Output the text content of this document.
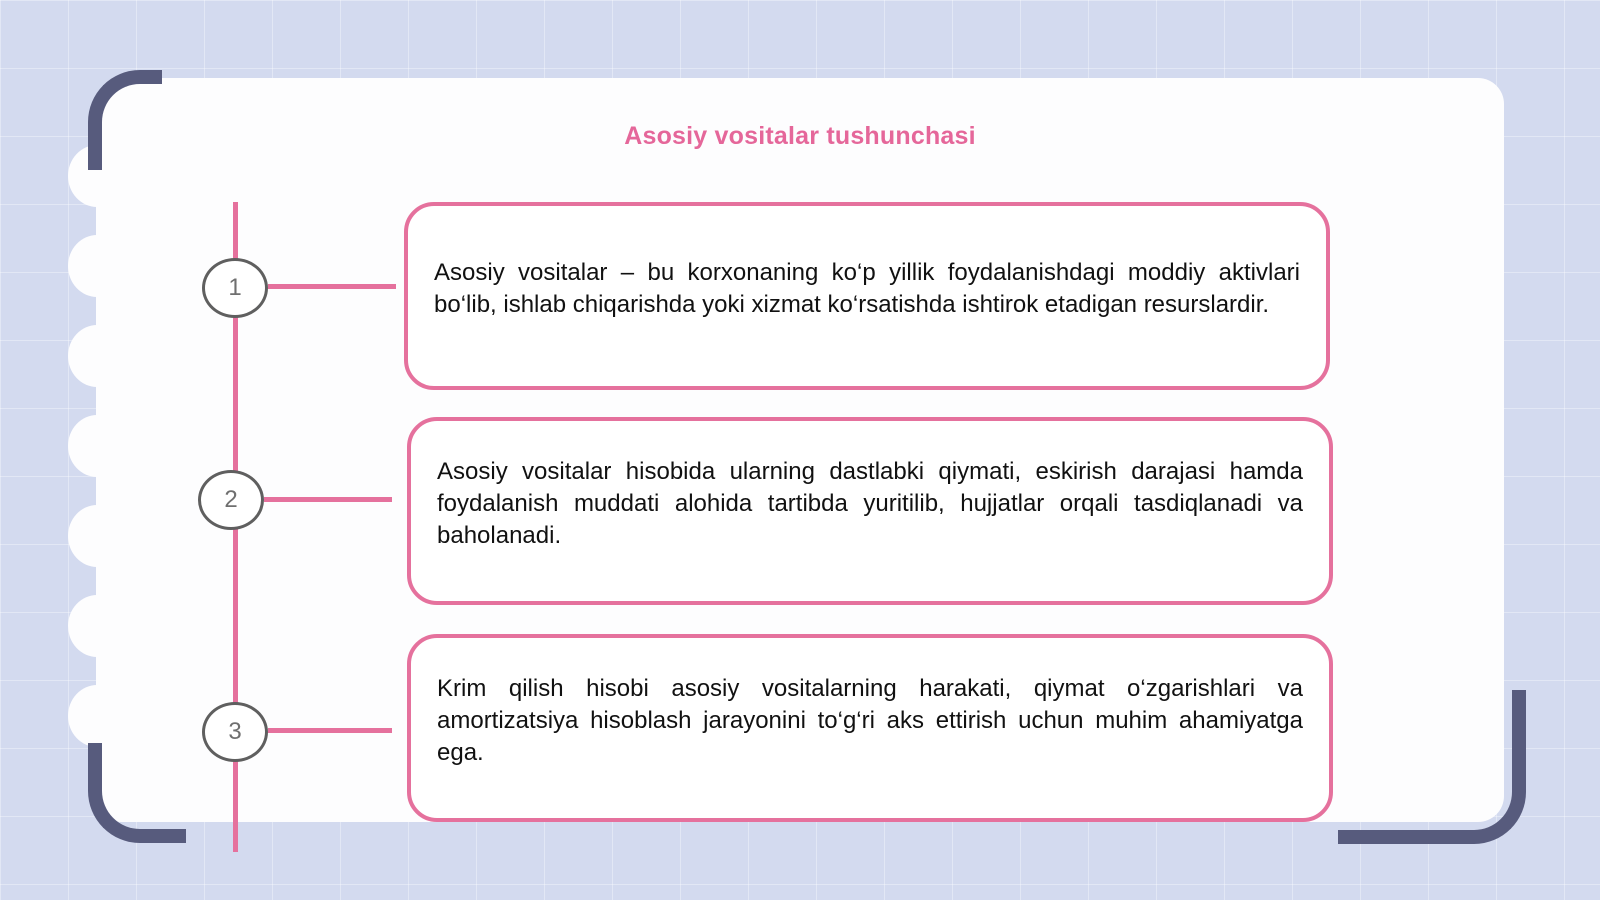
Asosiy vositalar tushunchasi
1

Asosiy vositalar – bu korxonaning ko‘p yillik foydalanishdagi moddiy aktivlari bo‘lib, ishlab chiqarishda yoki xizmat ko‘rsatishda ishtirok etadigan resurslardir.

2

Asosiy vositalar hisobida ularning dastlabki qiymati, eskirish darajasi hamda foydalanish muddati alohida tartibda yuritilib, hujjatlar orqali tasdiqlanadi va baholanadi.

3

Krim qilish hisobi asosiy vositalarning harakati, qiymat o‘zgarishlari va amortizatsiya hisoblash jarayonini to‘g‘ri aks ettirish uchun muhim ahamiyatga ega.
